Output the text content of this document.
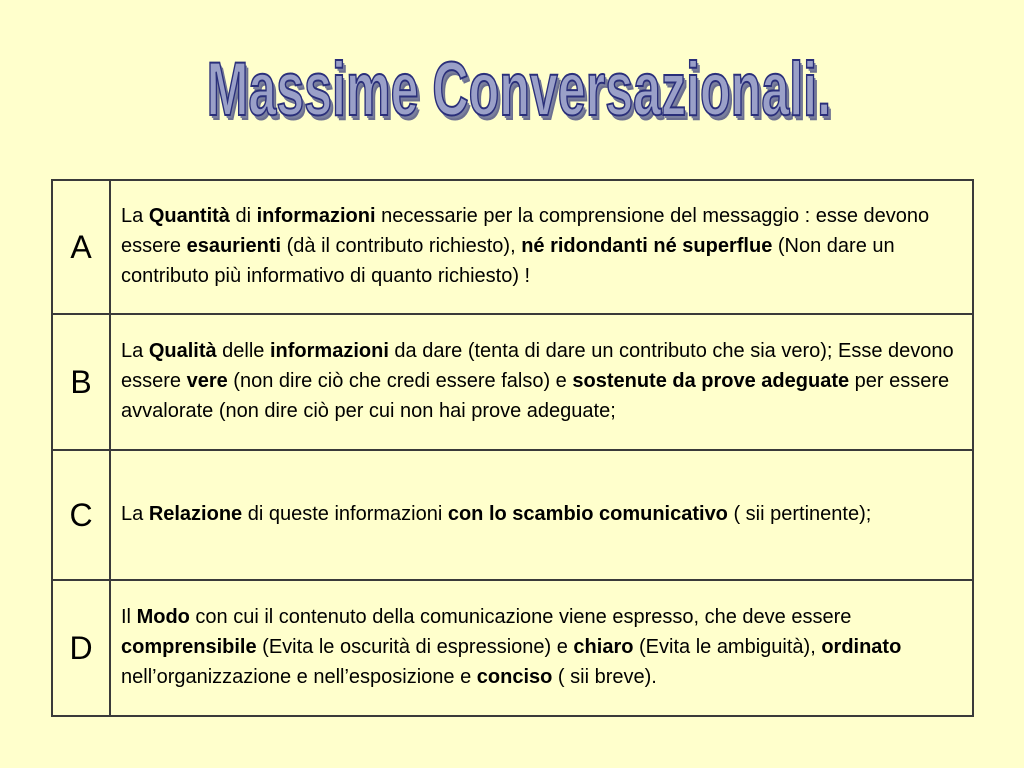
Massime Conversazionali.
A	La Quantità di informazioni necessarie per la comprensione del messaggio : esse devono essere esaurienti (dà il contributo richiesto), né ridondanti né superflue (Non dare un contributo più informativo di quanto richiesto) !
B	La Qualità delle informazioni da dare (tenta di dare un contributo che sia vero); Esse devono essere vere (non dire ciò che credi essere falso) e sostenute da prove adeguate per essere avvalorate (non dire ciò per cui non hai prove adeguate;
C	La Relazione di queste informazioni con lo scambio comunicativo ( sii pertinente);
D	Il Modo con cui il contenuto della comunicazione viene espresso, che deve essere comprensibile (Evita le oscurità di espressione) e chiaro (Evita le ambiguità), ordinato nell’organizzazione e nell’esposizione e conciso ( sii breve).
